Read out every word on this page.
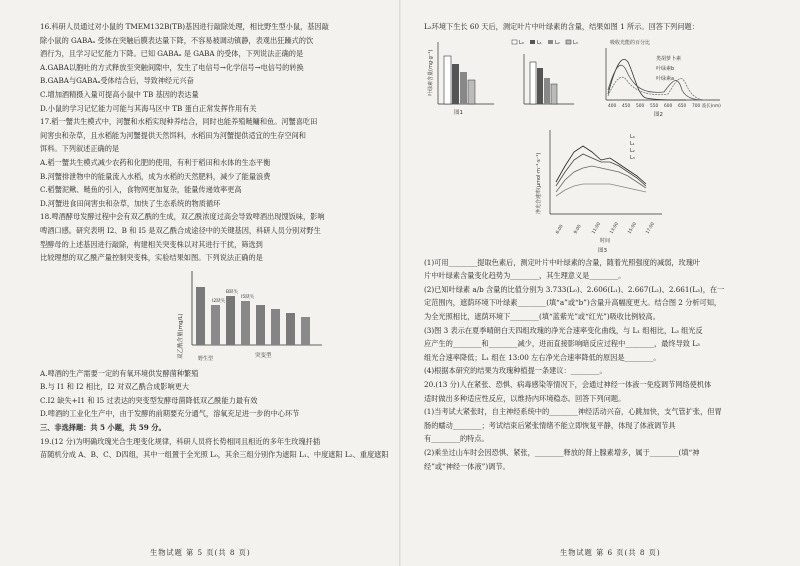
16.科研人员通过对小鼠的 TMEM132B(TB)基因进行敲除处理，相比野生型小鼠，基因敲
除小鼠的 GABAₐ 受体在突触后膜表达量下降，不容易被调动镇静，表观出狂躁式的饮
酒行为，且学习记忆能力下降。已知 GABAₐ 是 GABA 的受体，下列说法正确的是
A.GABA以胞吐的方式释放至突触间隙中，发生了电信号→化学信号→电信号的转换
B.GABA与GABAₐ受体结合后，导致神经元兴奋
C.增加酒精摄入量可提高小鼠中 TB 基因的表达量
D.小鼠的学习记忆能力可能与其海马区中 TB 蛋白正常发挥作用有关
17.稻一蟹共生模式中，河蟹和水稻实现种养结合，同时也能养殖鲢鳙和鱼。河蟹喜吃田
间害虫和杂草，且水稻能为河蟹提供天然饵料，水稻田为河蟹提供适宜的生存空间和
饵料。下列叙述正确的是
A.稻一蟹共生模式减少农药和化肥的使用，有利于稻田和水体的生态平衡
B.河蟹排泄物中的能量流入水稻，成为水稻的天然肥料，减少了能量浪费
C.稻蟹泥鳅、鲢鱼的引入，食物网更加复杂，能量传递效率更高
D.河蟹进食田间害虫和杂草，加快了生态系统的物质循环
18.啤酒酵母发酵过程中会有双乙酰的生成，双乙酰浓度过高会导致啤酒出现馊饭味，影响
啤酒口感。研究表明 I2、B 和 I5 是双乙酰合成途径中的关键基因，科研人员分别对野生
型酵母的上述基因进行敲除，构建相关突变株以对其进行干扰，筛选到
比较理想的双乙酰产量控制突变株，实验结果如图。下列说法正确的是
双乙酰含量(mg/L)
I2缺失
B缺失
I5缺失
野生型	突变型
A.啤酒的生产需要一定的有氧环境供发酵菌种繁殖
B.与 I1 和 I2 相比，I2 对双乙酰合成影响更大
C.I2 缺失+I1 和 I5 过表达的突变型发酵母菌降低双乙酰能力最有效
D.啤酒的工业化生产中，由于发酵的前期要充分通气，溶氧充足进一步的中心环节
三、非选择题：共 5 小题，共 59 分。
19.(12 分)为明确玫瑰光合生理变化规律，科研人员将长势相同且相近的多年生玫瑰扦插
苗随机分成 A、B、C、D四组，其中一组置于全光照 L₀，其余三组分别作为遮阳 L₁、中度遮阳 L₂、重度遮阳
生物试题 第 5 页(共 8 页)
L₂环境下生长 60 天后，测定叶片中叶绿素的含量，结果如图 1 所示。回答下列问题：
叶绿素含量(mg·g⁻¹)
图1
L₀	L₁	L₂	L₃	吸收光能的百分比
类胡萝卜素
叶绿素b
叶绿素a
400 450 500 550 600 650 700 波长(nm)
图2
净光合速率(μmol·m⁻²·s⁻¹)
L₀
L₁
L₂
L₃
6:00 9:00 11:00 13:00 15:00 17:00
时间
图3
(1)可用________提取色素后，测定叶片中叶绿素的含量，随着光照强度的减弱，玫瑰叶
片中叶绿素含量变化趋势为________，其生理意义是________。
(2)已知叶绿素 a/b 含量的比值分别为 3.733(L₀)、2.606(L₁)、2.667(L₂)、2.661(L₃)，在一
定范围内，遮荫环境下叶绿素________(填“a”或“b”)含量升高幅度更大。结合图 2 分析可知，
为全光照相比，遮荫环境下________(填“蓝紫光”或“红光”)吸收比例较高。
(3)图 3 表示在夏季晴朗白天四组玫瑰的净光合速率变化曲线，与 L₁ 组相比，L₃ 组光反
应产生的________和________减少，进而直接影响暗反应过程中________，最终导致 L₃
组光合速率降低；L₁ 组在 13:00 左右净光合速率降低的原因是________。
(4)根据本研究的结果为玫瑰种植提一条建议：________。
20.(13 分)人在紧张、恐惧、病毒感染等情况下，会通过神经一体液一免疫调节网络使机体
适时做出多种适应性反应，以维持内环境稳态。回答下列问题。
(1)当考试大紧张时，自主神经系统中的________神经活动兴奋，心跳加快，支气管扩张，但胃
肠的蠕动________；考试结束后紧张情绪不能立即恢复平静，体现了体液调节具
有________的特点。
(2)乘坐过山车时会因恐惧、紧张，________释放的肾上腺素增多，属于________(填“神
经”或“神经一体液”)调节。
生物试题 第 6 页(共 8 页)
